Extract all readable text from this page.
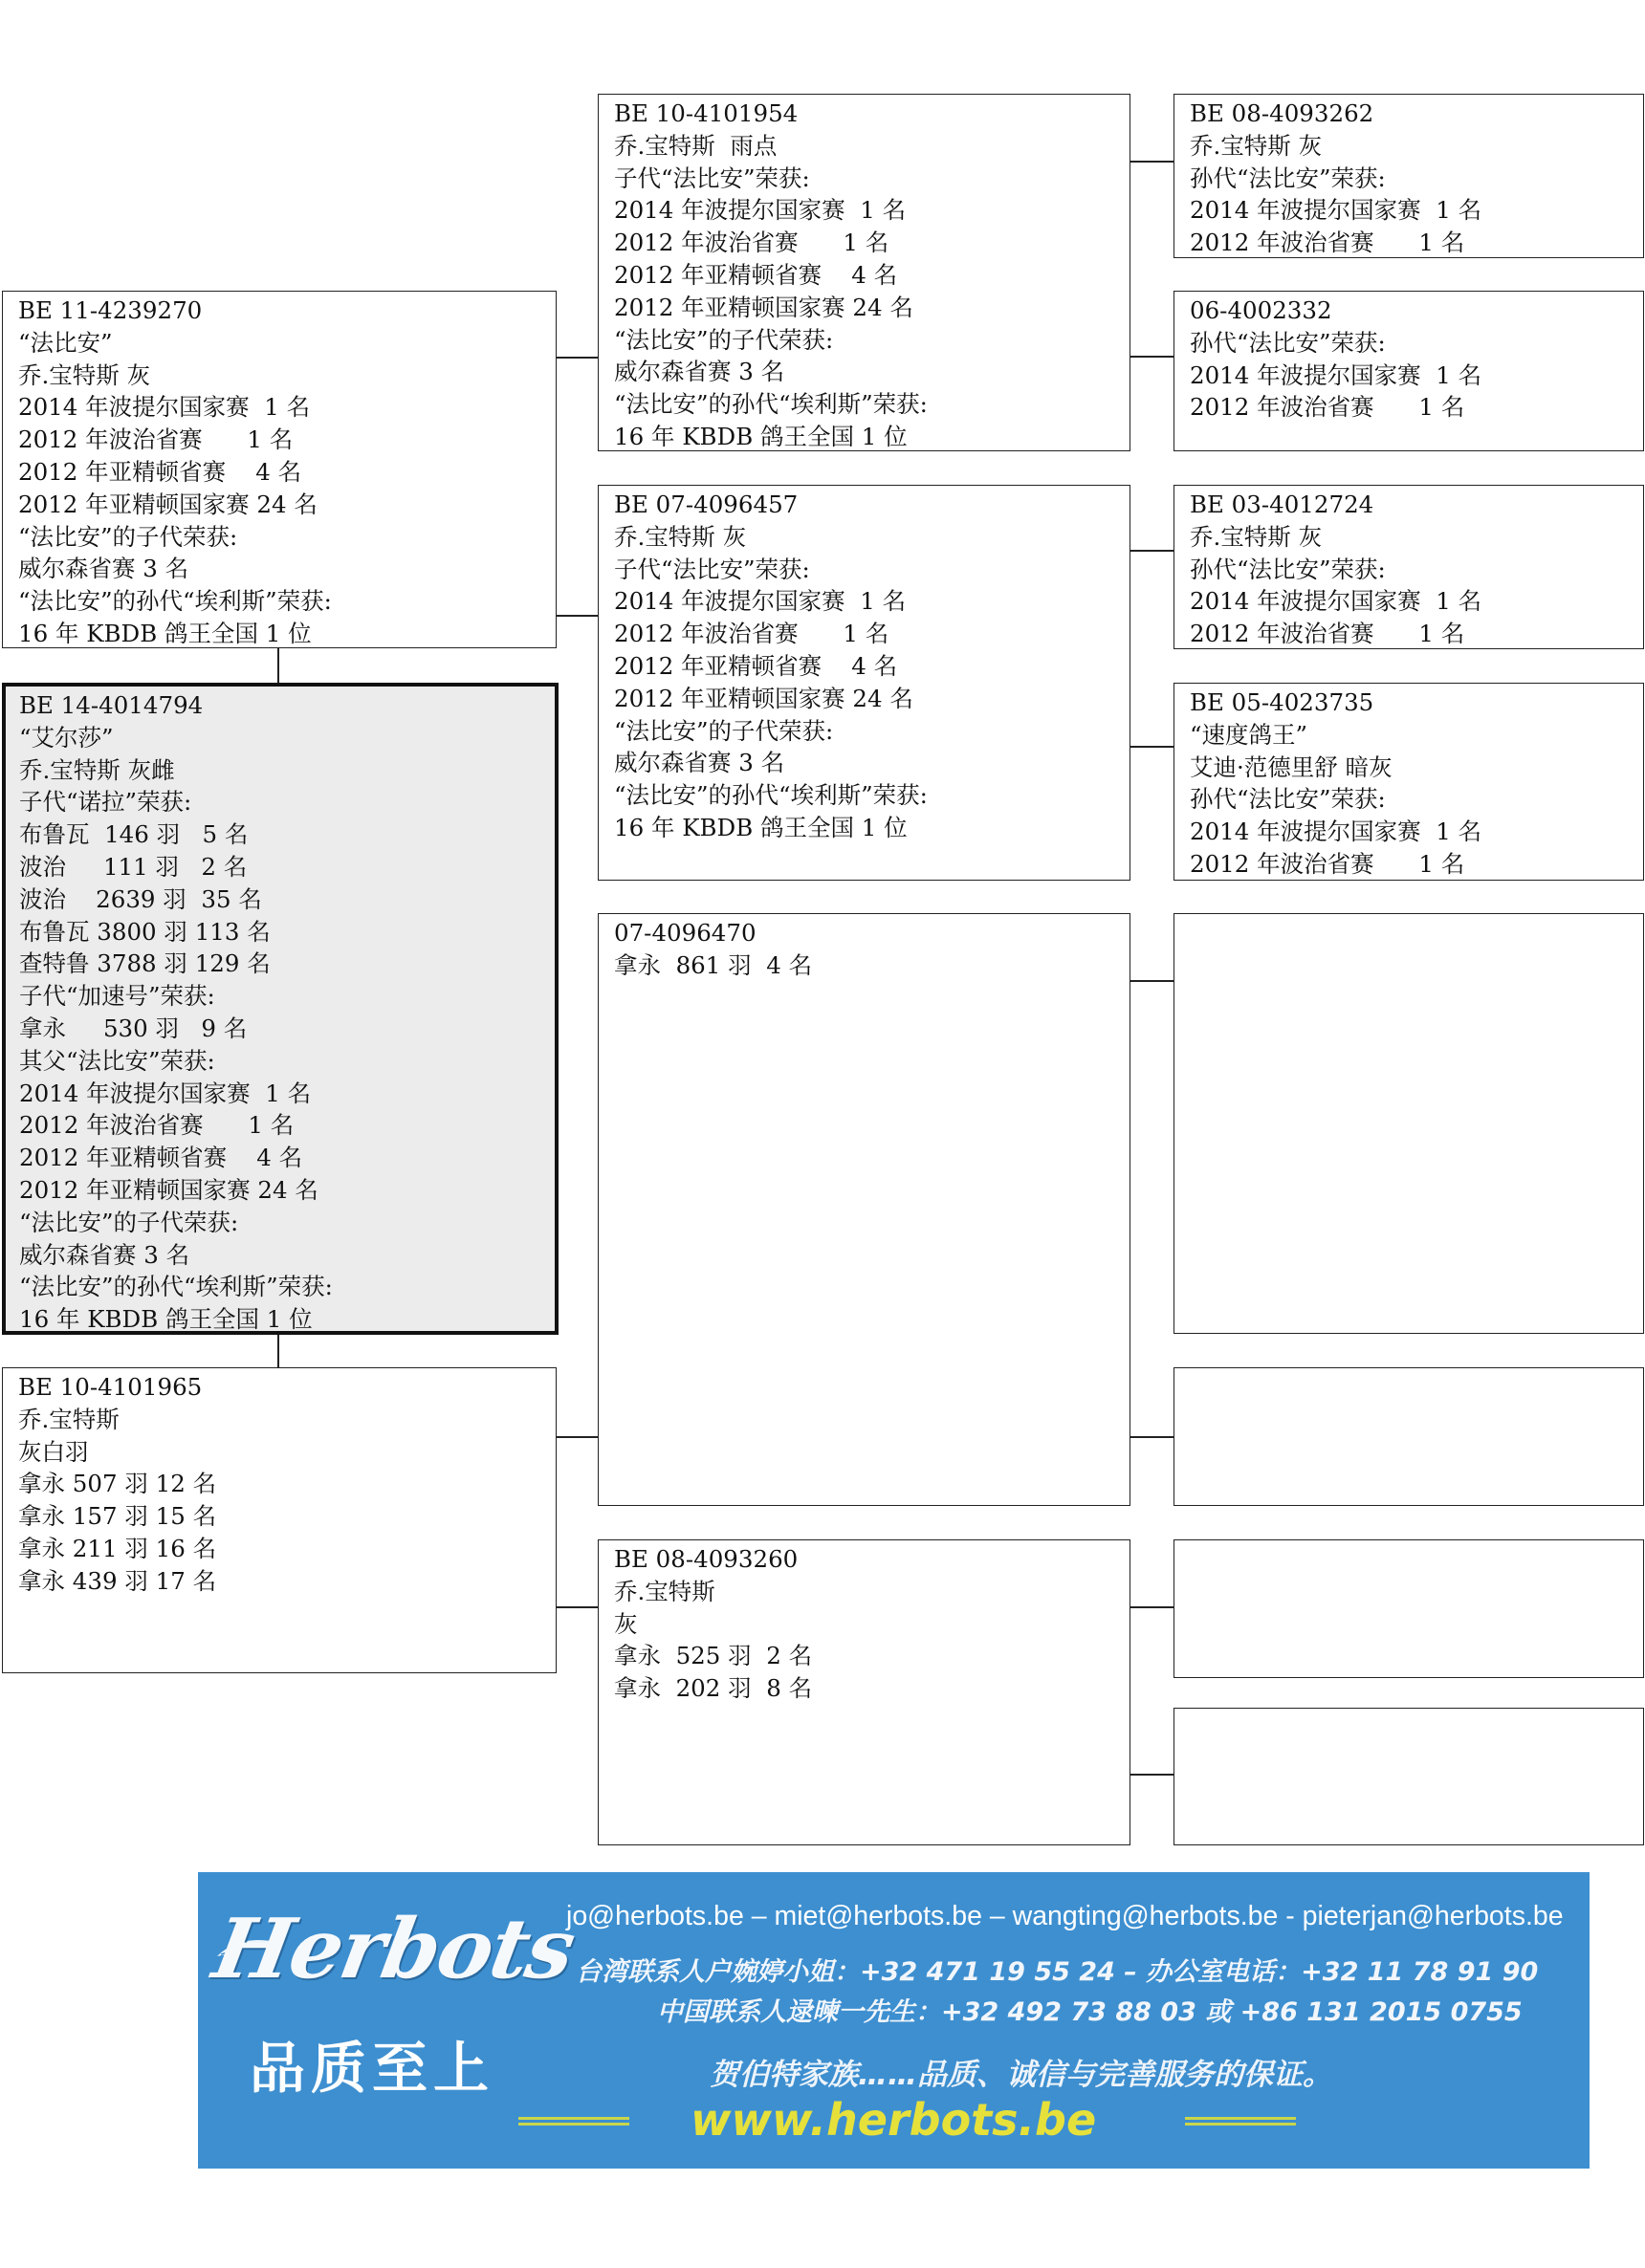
BE 11-4239270
“法比安”
乔.宝特斯 灰
2014 年波提尔国家赛  1 名
2012 年波治省赛      1 名
2012 年亚精顿省赛    4 名
2012 年亚精顿国家赛 24 名
“法比安”的子代荣获:
威尔森省赛 3 名
“法比安”的孙代“埃利斯”荣获:
16 年 KBDB 鸽王全国 1 位
BE 14-4014794
“艾尔莎”
乔.宝特斯 灰雌
子代“诺拉”荣获:
布鲁瓦  146 羽   5 名
波治     111 羽   2 名
波治    2639 羽  35 名
布鲁瓦 3800 羽 113 名
查特鲁 3788 羽 129 名
子代“加速号”荣获:
拿永     530 羽   9 名
其父“法比安”荣获:
2014 年波提尔国家赛  1 名
2012 年波治省赛      1 名
2012 年亚精顿省赛    4 名
2012 年亚精顿国家赛 24 名
“法比安”的子代荣获:
威尔森省赛 3 名
“法比安”的孙代“埃利斯”荣获:
16 年 KBDB 鸽王全国 1 位
BE 10-4101965
乔.宝特斯
灰白羽
拿永 507 羽 12 名
拿永 157 羽 15 名
拿永 211 羽 16 名
拿永 439 羽 17 名
BE 10-4101954
乔.宝特斯  雨点
子代“法比安”荣获:
2014 年波提尔国家赛  1 名
2012 年波治省赛      1 名
2012 年亚精顿省赛    4 名
2012 年亚精顿国家赛 24 名
“法比安”的子代荣获:
威尔森省赛 3 名
“法比安”的孙代“埃利斯”荣获:
16 年 KBDB 鸽王全国 1 位
BE 07-4096457
乔.宝特斯 灰
子代“法比安”荣获:
2014 年波提尔国家赛  1 名
2012 年波治省赛      1 名
2012 年亚精顿省赛    4 名
2012 年亚精顿国家赛 24 名
“法比安”的子代荣获:
威尔森省赛 3 名
“法比安”的孙代“埃利斯”荣获:
16 年 KBDB 鸽王全国 1 位
07-4096470
拿永  861 羽  4 名
BE 08-4093260
乔.宝特斯
灰
拿永  525 羽  2 名
拿永  202 羽  8 名
BE 08-4093262
乔.宝特斯 灰
孙代“法比安”荣获:
2014 年波提尔国家赛  1 名
2012 年波治省赛      1 名
06-4002332
孙代“法比安”荣获:
2014 年波提尔国家赛  1 名
2012 年波治省赛      1 名
BE 03-4012724
乔.宝特斯 灰
孙代“法比安”荣获:
2014 年波提尔国家赛  1 名
2012 年波治省赛      1 名
BE 05-4023735
“速度鸽王”
艾迪·范德里舒 暗灰
孙代“法比安”荣获:
2014 年波提尔国家赛  1 名
2012 年波治省赛      1 名
Herbots
品质至上
jo@herbots.be – miet@herbots.be – wangting@herbots.be - pieterjan@herbots.be
台湾联系人户婉婷小姐：+32 471 19 55 24 – 办公室电话：+32 11 78 91 90
中国联系人逯暕一先生：+32 492 73 88 03 或 +86 131 2015 0755
贺伯特家族……品质、诚信与完善服务的保证。
www.herbots.be
